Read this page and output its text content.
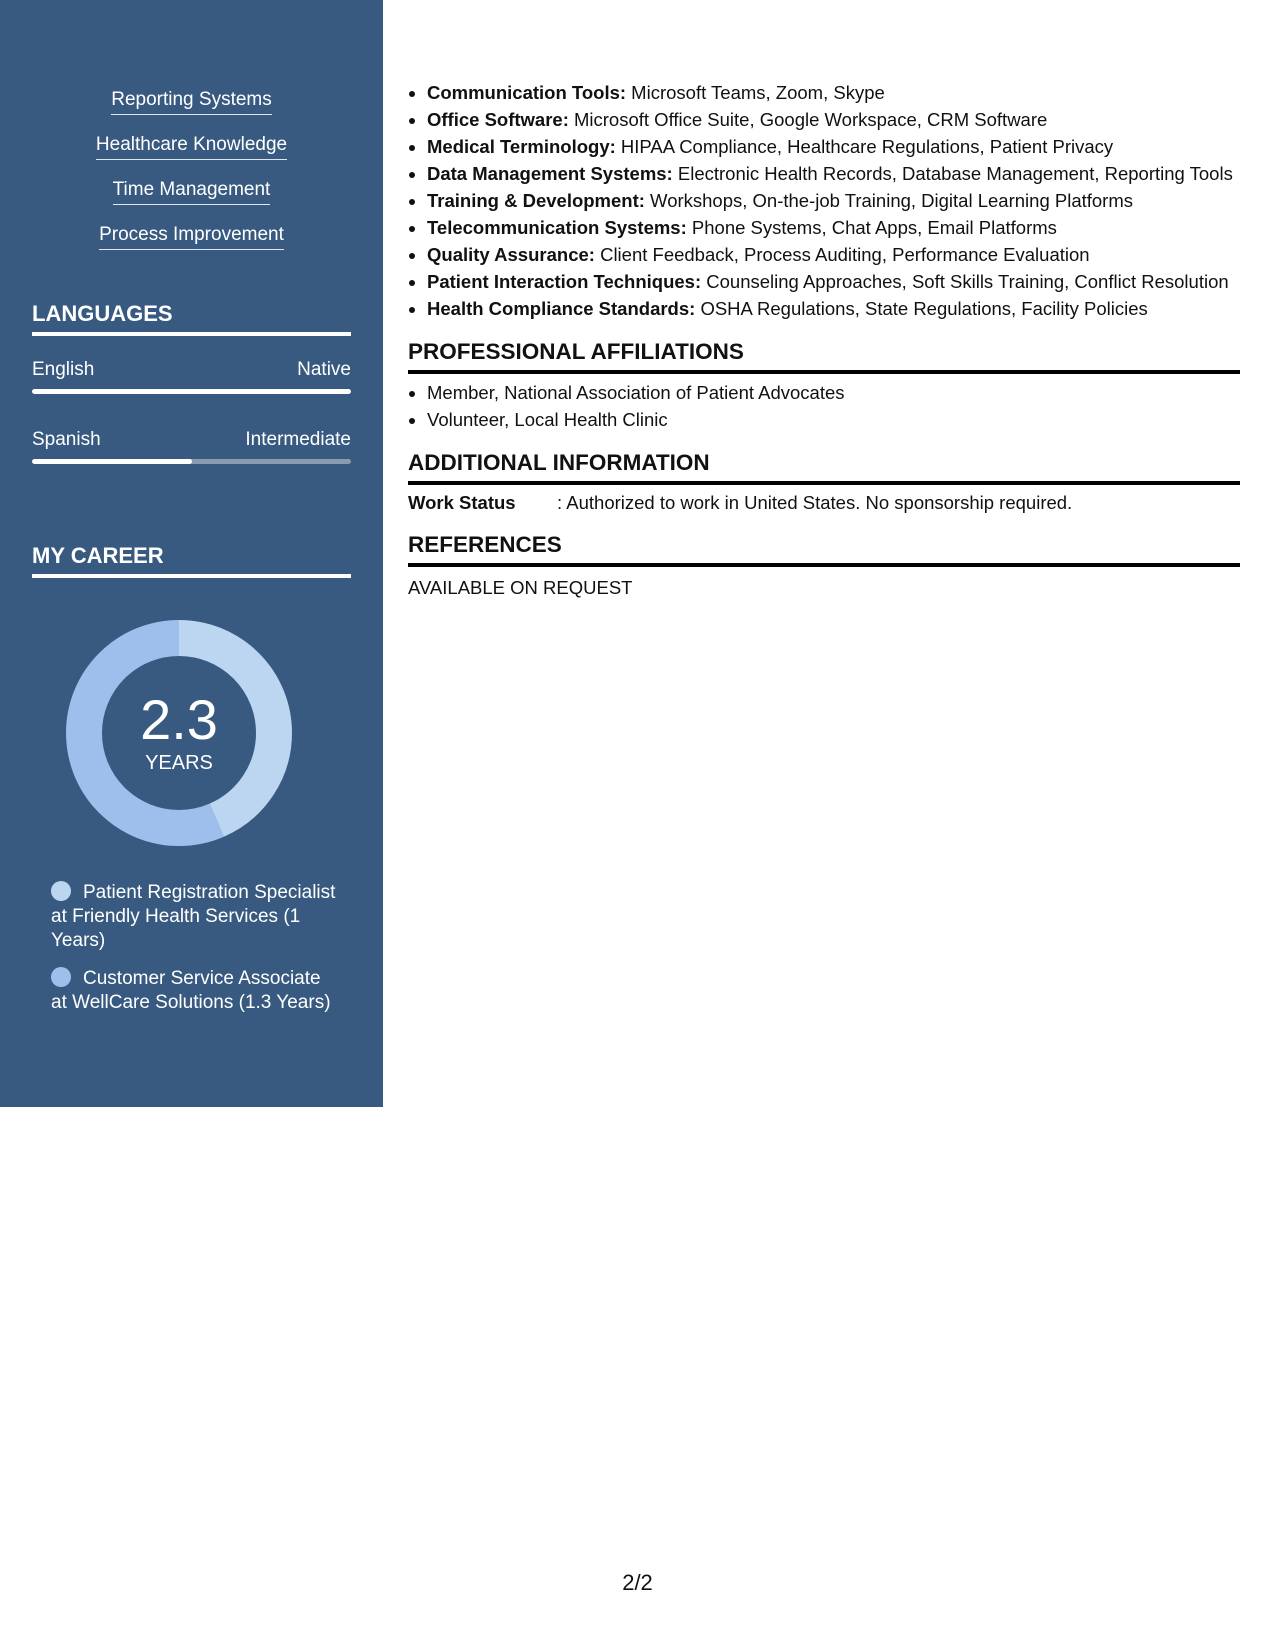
Reporting Systems
Healthcare Knowledge
Time Management
Process Improvement
LANGUAGES
English	Native
Spanish	Intermediate
MY CAREER
2.3
YEARS
Patient Registration Specialist at Friendly Health Services (1 Years)
Customer Service Associate at WellCare Solutions (1.3 Years)
• Communication Tools: Microsoft Teams, Zoom, Skype
• Office Software: Microsoft Office Suite, Google Workspace, CRM Software
• Medical Terminology: HIPAA Compliance, Healthcare Regulations, Patient Privacy
• Data Management Systems: Electronic Health Records, Database Management, Reporting Tools
• Training & Development: Workshops, On-the-job Training, Digital Learning Platforms
• Telecommunication Systems: Phone Systems, Chat Apps, Email Platforms
• Quality Assurance: Client Feedback, Process Auditing, Performance Evaluation
• Patient Interaction Techniques: Counseling Approaches, Soft Skills Training, Conflict Resolution
• Health Compliance Standards: OSHA Regulations, State Regulations, Facility Policies
PROFESSIONAL AFFILIATIONS
• Member, National Association of Patient Advocates
• Volunteer, Local Health Clinic
ADDITIONAL INFORMATION
Work Status : Authorized to work in United States. No sponsorship required.
REFERENCES
AVAILABLE ON REQUEST
2/2
